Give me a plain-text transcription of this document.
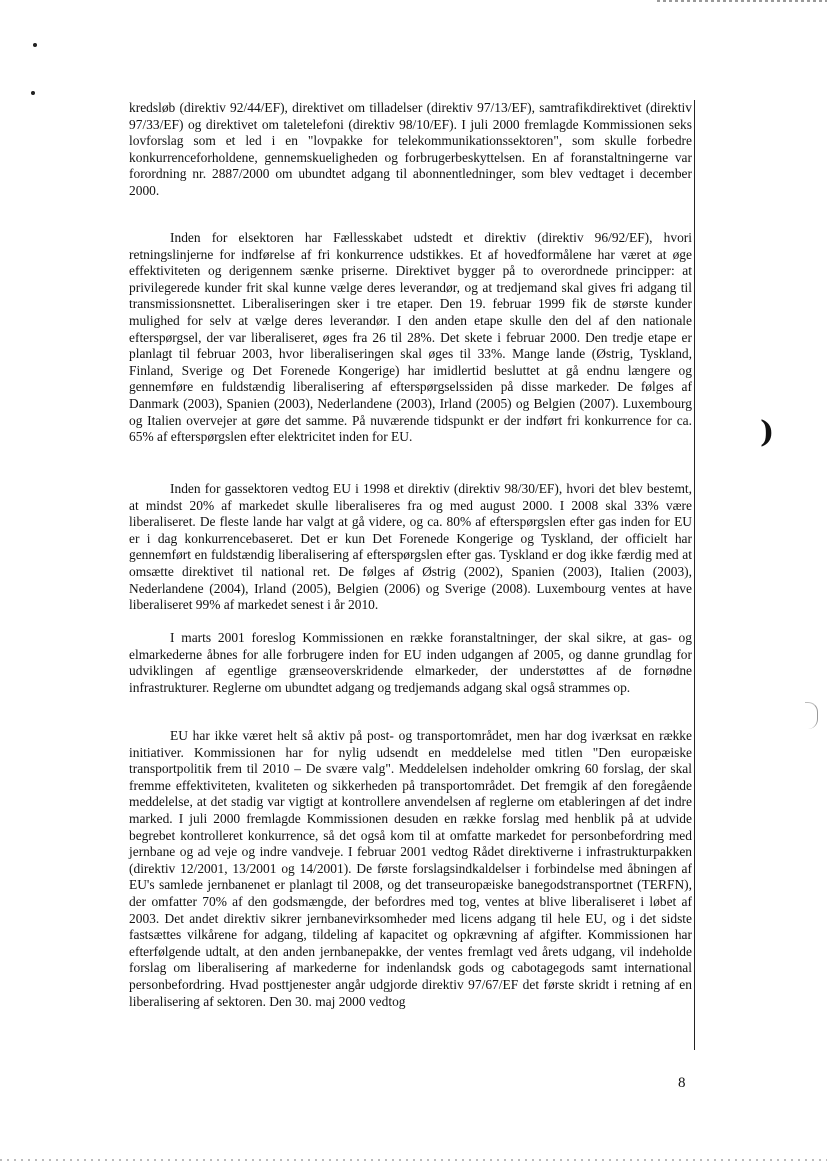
kredsløb (direktiv 92/44/EF), direktivet om tilladelser (direktiv 97/13/EF), samtrafikdirektivet (direktiv 97/33/EF) og direktivet om taletelefoni (direktiv 98/10/EF). I juli 2000 fremlagde Kommissionen seks lovforslag som et led i en "lovpakke for telekommunikationssektoren", som skulle forbedre konkurrenceforholdene, gennemskueligheden og forbrugerbeskyttelsen. En af foranstaltningerne var forordning nr. 2887/2000 om ubundtet adgang til abonnentledninger, som blev vedtaget i december 2000.

Inden for elsektoren har Fællesskabet udstedt et direktiv (direktiv 96/92/EF), hvori retningslinjerne for indførelse af fri konkurrence udstikkes. Et af hovedformålene har været at øge effektiviteten og derigennem sænke priserne. Direktivet bygger på to overordnede principper: at privilegerede kunder frit skal kunne vælge deres leverandør, og at tredjemand skal gives fri adgang til transmissionsnettet. Liberaliseringen sker i tre etaper. Den 19. februar 1999 fik de største kunder mulighed for selv at vælge deres leverandør. I den anden etape skulle den del af den nationale efterspørgsel, der var liberaliseret, øges fra 26 til 28%. Det skete i februar 2000. Den tredje etape er planlagt til februar 2003, hvor liberaliseringen skal øges til 33%. Mange lande (Østrig, Tyskland, Finland, Sverige og Det Forenede Kongerige) har imidlertid besluttet at gå endnu længere og gennemføre en fuldstændig liberalisering af efterspørgselssiden på disse markeder. De følges af Danmark (2003), Spanien (2003), Nederlandene (2003), Irland (2005) og Belgien (2007). Luxembourg og Italien overvejer at gøre det samme. På nuværende tidspunkt er der indført fri konkurrence for ca. 65% af efterspørgslen efter elektricitet inden for EU.

Inden for gassektoren vedtog EU i 1998 et direktiv (direktiv 98/30/EF), hvori det blev bestemt, at mindst 20% af markedet skulle liberaliseres fra og med august 2000. I 2008 skal 33% være liberaliseret. De fleste lande har valgt at gå videre, og ca. 80% af efterspørgslen efter gas inden for EU er i dag konkurrencebaseret. Det er kun Det Forenede Kongerige og Tyskland, der officielt har gennemført en fuldstændig liberalisering af efterspørgslen efter gas. Tyskland er dog ikke færdig med at omsætte direktivet til national ret. De følges af Østrig (2002), Spanien (2003), Italien (2003), Nederlandene (2004), Irland (2005), Belgien (2006) og Sverige (2008). Luxembourg ventes at have liberaliseret 99% af markedet senest i år 2010.

I marts 2001 foreslog Kommissionen en række foranstaltninger, der skal sikre, at gas- og elmarkederne åbnes for alle forbrugere inden for EU inden udgangen af 2005, og danne grundlag for udviklingen af egentlige grænseoverskridende elmarkeder, der understøttes af de fornødne infrastrukturer. Reglerne om ubundtet adgang og tredjemands adgang skal også strammes op.

EU har ikke været helt så aktiv på post- og transportområdet, men har dog iværksat en række initiativer. Kommissionen har for nylig udsendt en meddelelse med titlen "Den europæiske transportpolitik frem til 2010 – De svære valg". Meddelelsen indeholder omkring 60 forslag, der skal fremme effektiviteten, kvaliteten og sikkerheden på transportområdet. Det fremgik af den foregående meddelelse, at det stadig var vigtigt at kontrollere anvendelsen af reglerne om etableringen af det indre marked. I juli 2000 fremlagde Kommissionen desuden en række forslag med henblik på at udvide begrebet kontrolleret konkurrence, så det også kom til at omfatte markedet for personbefordring med jernbane og ad veje og indre vandveje. I februar 2001 vedtog Rådet direktiverne i infrastrukturpakken (direktiv 12/2001, 13/2001 og 14/2001). De første forslagsindkaldelser i forbindelse med åbningen af EU's samlede jernbanenet er planlagt til 2008, og det transeuropæiske banegodstransportnet (TERFN), der omfatter 70% af den godsmængde, der befordres med tog, ventes at blive liberaliseret i løbet af 2003. Det andet direktiv sikrer jernbanevirksomheder med licens adgang til hele EU, og i det sidste fastsættes vilkårene for adgang, tildeling af kapacitet og opkrævning af afgifter. Kommissionen har efterfølgende udtalt, at den anden jernbanepakke, der ventes fremlagt ved årets udgang, vil indeholde forslag om liberalisering af markederne for indenlandsk gods og cabotagegods samt international personbefordring. Hvad posttjenester angår udgjorde direktiv 97/67/EF det første skridt i retning af en liberalisering af sektoren. Den 30. maj 2000 vedtog

)
8
